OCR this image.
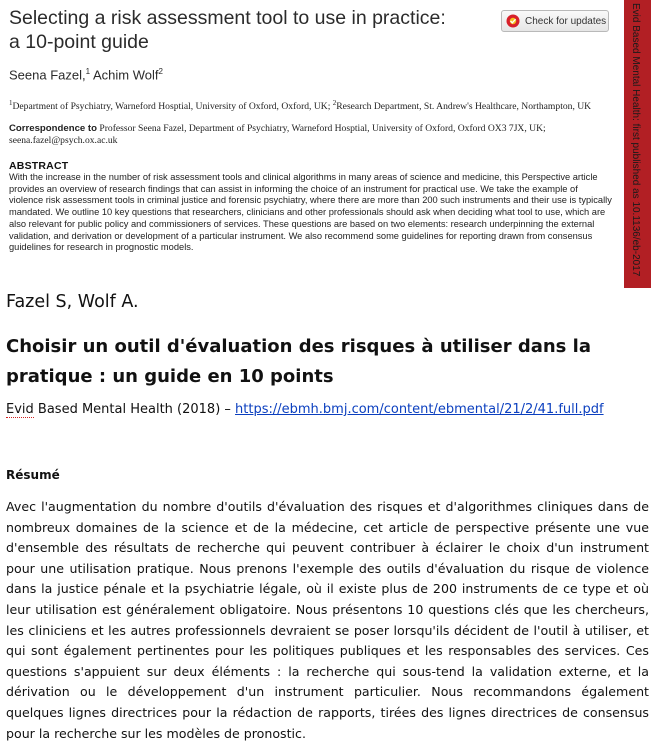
Selecting a risk assessment tool to use in practice:
a 10-point guide
Check for updates
Seena Fazel,$^1$ Achim Wolf$^2$
$^1$Department of Psychiatry, Warneford Hosptial, University of Oxford, Oxford, UK; $^2$Research Department, St. Andrew's Healthcare, Northampton, UK
Correspondence to Professor Seena Fazel, Department of Psychiatry, Warneford Hosptial, University of Oxford, Oxford OX3 7JX, UK; seena.fazel@psych.ox.ac.uk
ABSTRACT
With the increase in the number of risk assessment tools and clinical algorithms in many areas of science and medicine, this Perspective article provides an overview of research findings that can assist in informing the choice of an instrument for practical use. We take the example of violence risk assessment tools in criminal justice and forensic psychiatry, where there are more than 200 such instruments and their use is typically mandated. We outline 10 key questions that researchers, clinicians and other professionals should ask when deciding what tool to use, which are also relevant for public policy and commissioners of services. These questions are based on two elements: research underpinning the external validation, and derivation or development of a particular instrument. We also recommend some guidelines for reporting drawn from consensus guidelines for research in prognostic models.	Evid Based Mental Health: first published as 10.1136/eb-2017
Fazel S, Wolf A.
Choisir un outil d'évaluation des risques à utiliser dans la pratique : un guide en 10 points
Evid Based Mental Health (2018) – https://ebmh.bmj.com/content/ebmental/21/2/41.full.pdf
Résumé
Avec l'augmentation du nombre d'outils d'évaluation des risques et d'algorithmes cliniques dans de nombreux domaines de la science et de la médecine, cet article de perspective présente une vue d'ensemble des résultats de recherche qui peuvent contribuer à éclairer le choix d'un instrument pour une utilisation pratique. Nous prenons l'exemple des outils d'évaluation du risque de violence dans la justice pénale et la psychiatrie légale, où il existe plus de 200 instruments de ce type et où leur utilisation est généralement obligatoire. Nous présentons 10 questions clés que les chercheurs, les cliniciens et les autres professionnels devraient se poser lorsqu'ils décident de l'outil à utiliser, et qui sont également pertinentes pour les politiques publiques et les responsables des services. Ces questions s'appuient sur deux éléments : la recherche qui sous-tend la validation externe, et la dérivation ou le développement d'un instrument particulier. Nous recommandons également quelques lignes directrices pour la rédaction de rapports, tirées des lignes directrices de consensus pour la recherche sur les modèles de pronostic.
